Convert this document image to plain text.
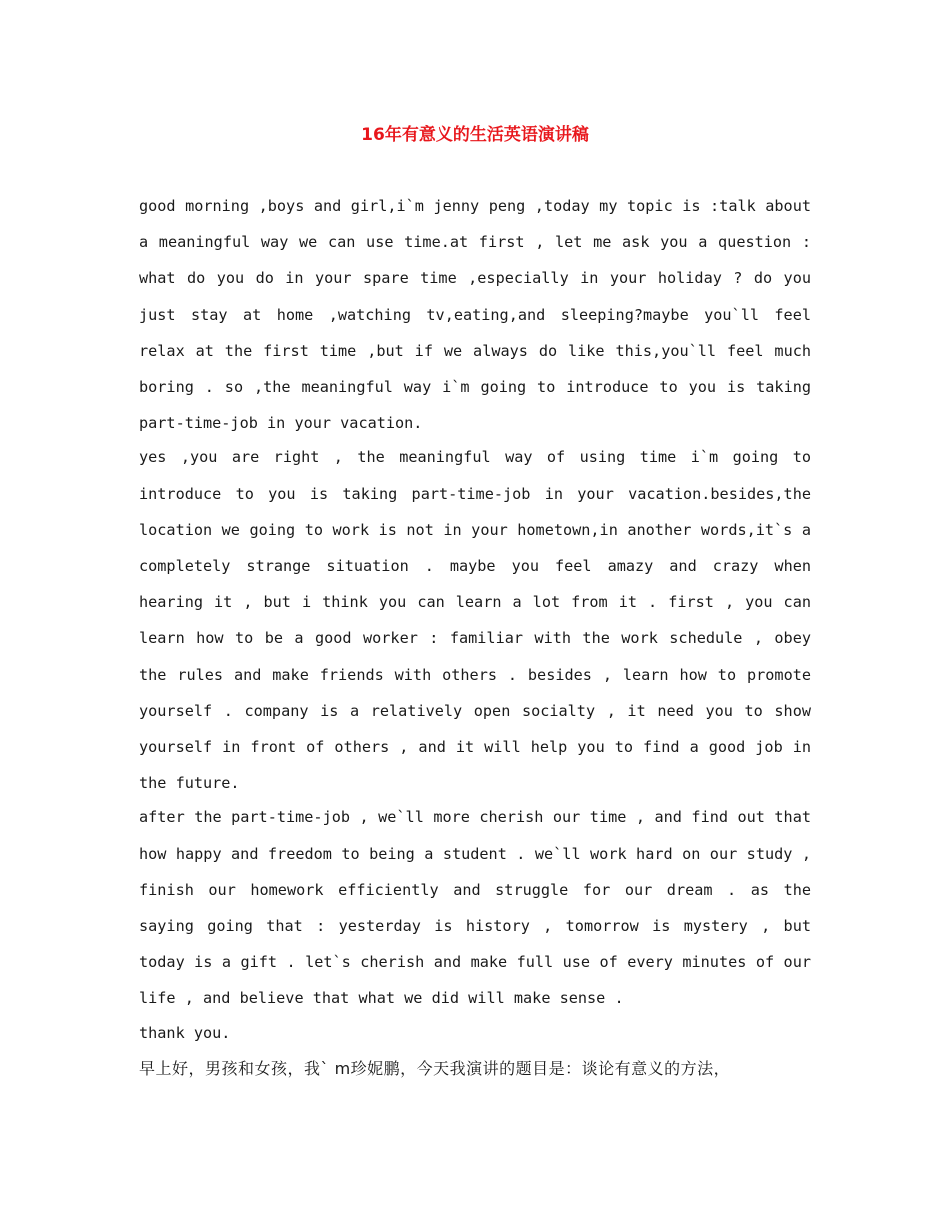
16年有意义的生活英语演讲稿

good morning ,boys and girl,i`m jenny peng ,today my topic is :talk about a meaningful way we can use time.at first , let me ask you a question : what do you do in your spare time ,especially in your holiday ? do you just stay at home ,watching tv,eating,and sleeping?maybe you`ll feel relax at the first time ,but if we always do like this,you`ll feel much boring . so ,the meaningful way i`m going to introduce to you is taking part-time-job in your vacation.

yes ,you are right , the meaningful way of using time i`m going to introduce to you is taking part-time-job in your vacation.besides,the location we going to work is not in your hometown,in another words,it`s a completely strange situation . maybe you feel amazy and crazy when hearing it , but i think you can learn a lot from it . first , you can learn how to be a good worker : familiar with the work schedule , obey the rules and make friends with others . besides , learn how to promote yourself . company is a relatively open socialty , it need you to show yourself in front of others , and it will help you to find a good job in the future.

after the part-time-job , we`ll more cherish our time , and find out that how happy and freedom to being a student . we`ll work hard on our study , finish our homework efficiently and struggle for our dream . as the saying going that : yesterday is history , tomorrow is mystery , but today is a gift . let`s cherish and make full use of every minutes of our life , and believe that what we did will make sense .

thank you.

早上好，男孩和女孩，我` m珍妮鹏，今天我演讲的题目是：谈论有意义的方法，
